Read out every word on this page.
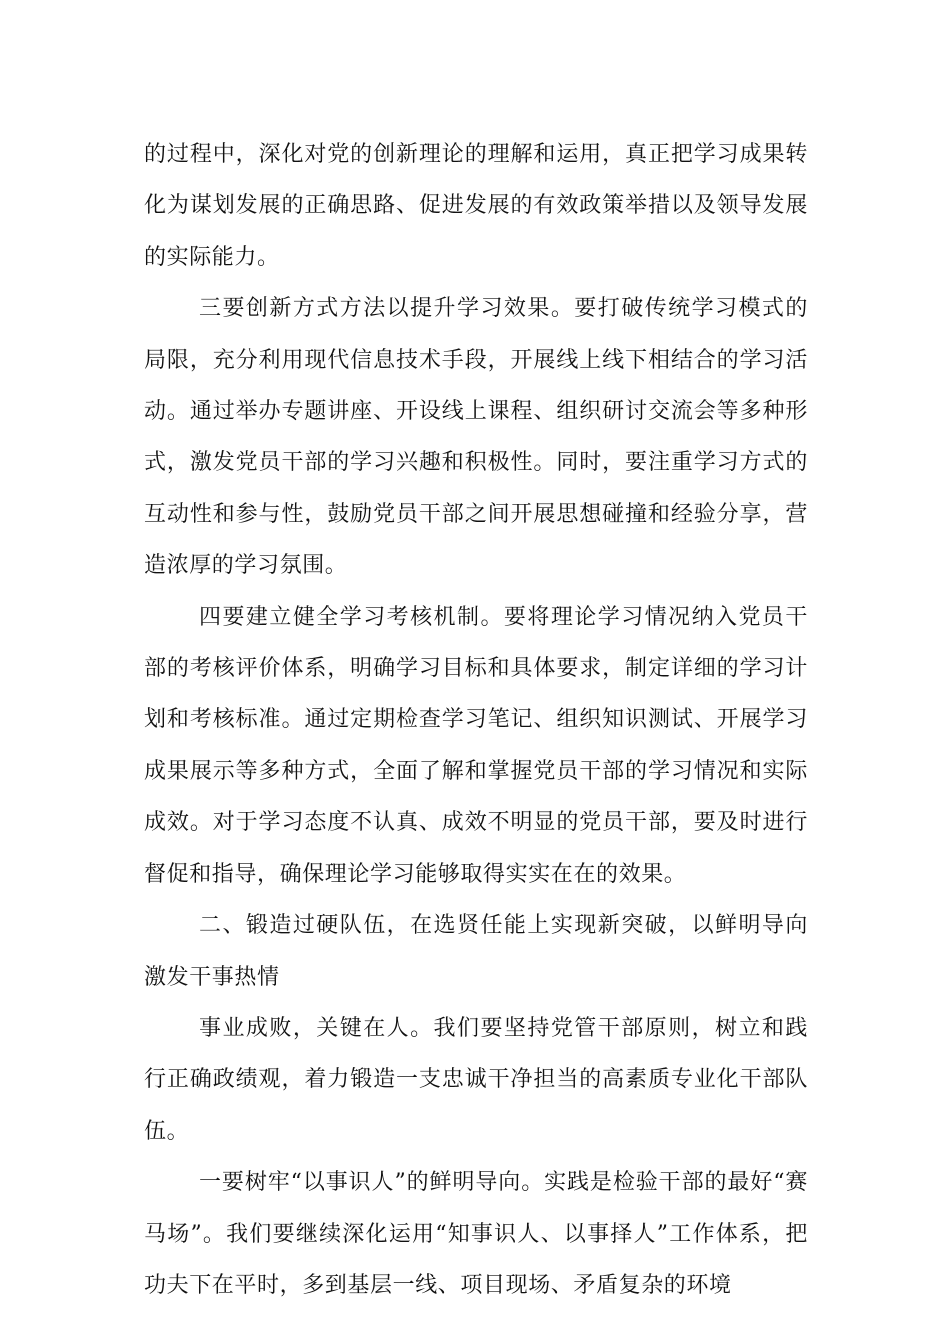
的过程中，深化对党的创新理论的理解和运用，真正把学习成果转化为谋划发展的正确思路、促进发展的有效政策举措以及领导发展的实际能力。

三要创新方式方法以提升学习效果。要打破传统学习模式的局限，充分利用现代信息技术手段，开展线上线下相结合的学习活动。通过举办专题讲座、开设线上课程、组织研讨交流会等多种形式，激发党员干部的学习兴趣和积极性。同时，要注重学习方式的互动性和参与性，鼓励党员干部之间开展思想碰撞和经验分享，营造浓厚的学习氛围。

四要建立健全学习考核机制。要将理论学习情况纳入党员干部的考核评价体系，明确学习目标和具体要求，制定详细的学习计划和考核标准。通过定期检查学习笔记、组织知识测试、开展学习成果展示等多种方式，全面了解和掌握党员干部的学习情况和实际成效。对于学习态度不认真、成效不明显的党员干部，要及时进行督促和指导，确保理论学习能够取得实实在在的效果。

二、锻造过硬队伍，在选贤任能上实现新突破，以鲜明导向激发干事热情

事业成败，关键在人。我们要坚持党管干部原则，树立和践行正确政绩观，着力锻造一支忠诚干净担当的高素质专业化干部队伍。

一要树牢“以事识人”的鲜明导向。实践是检验干部的最好“赛马场”。我们要继续深化运用“知事识人、以事择人”工作体系，把功夫下在平时，多到基层一线、项目现场、矛盾复杂的环境
